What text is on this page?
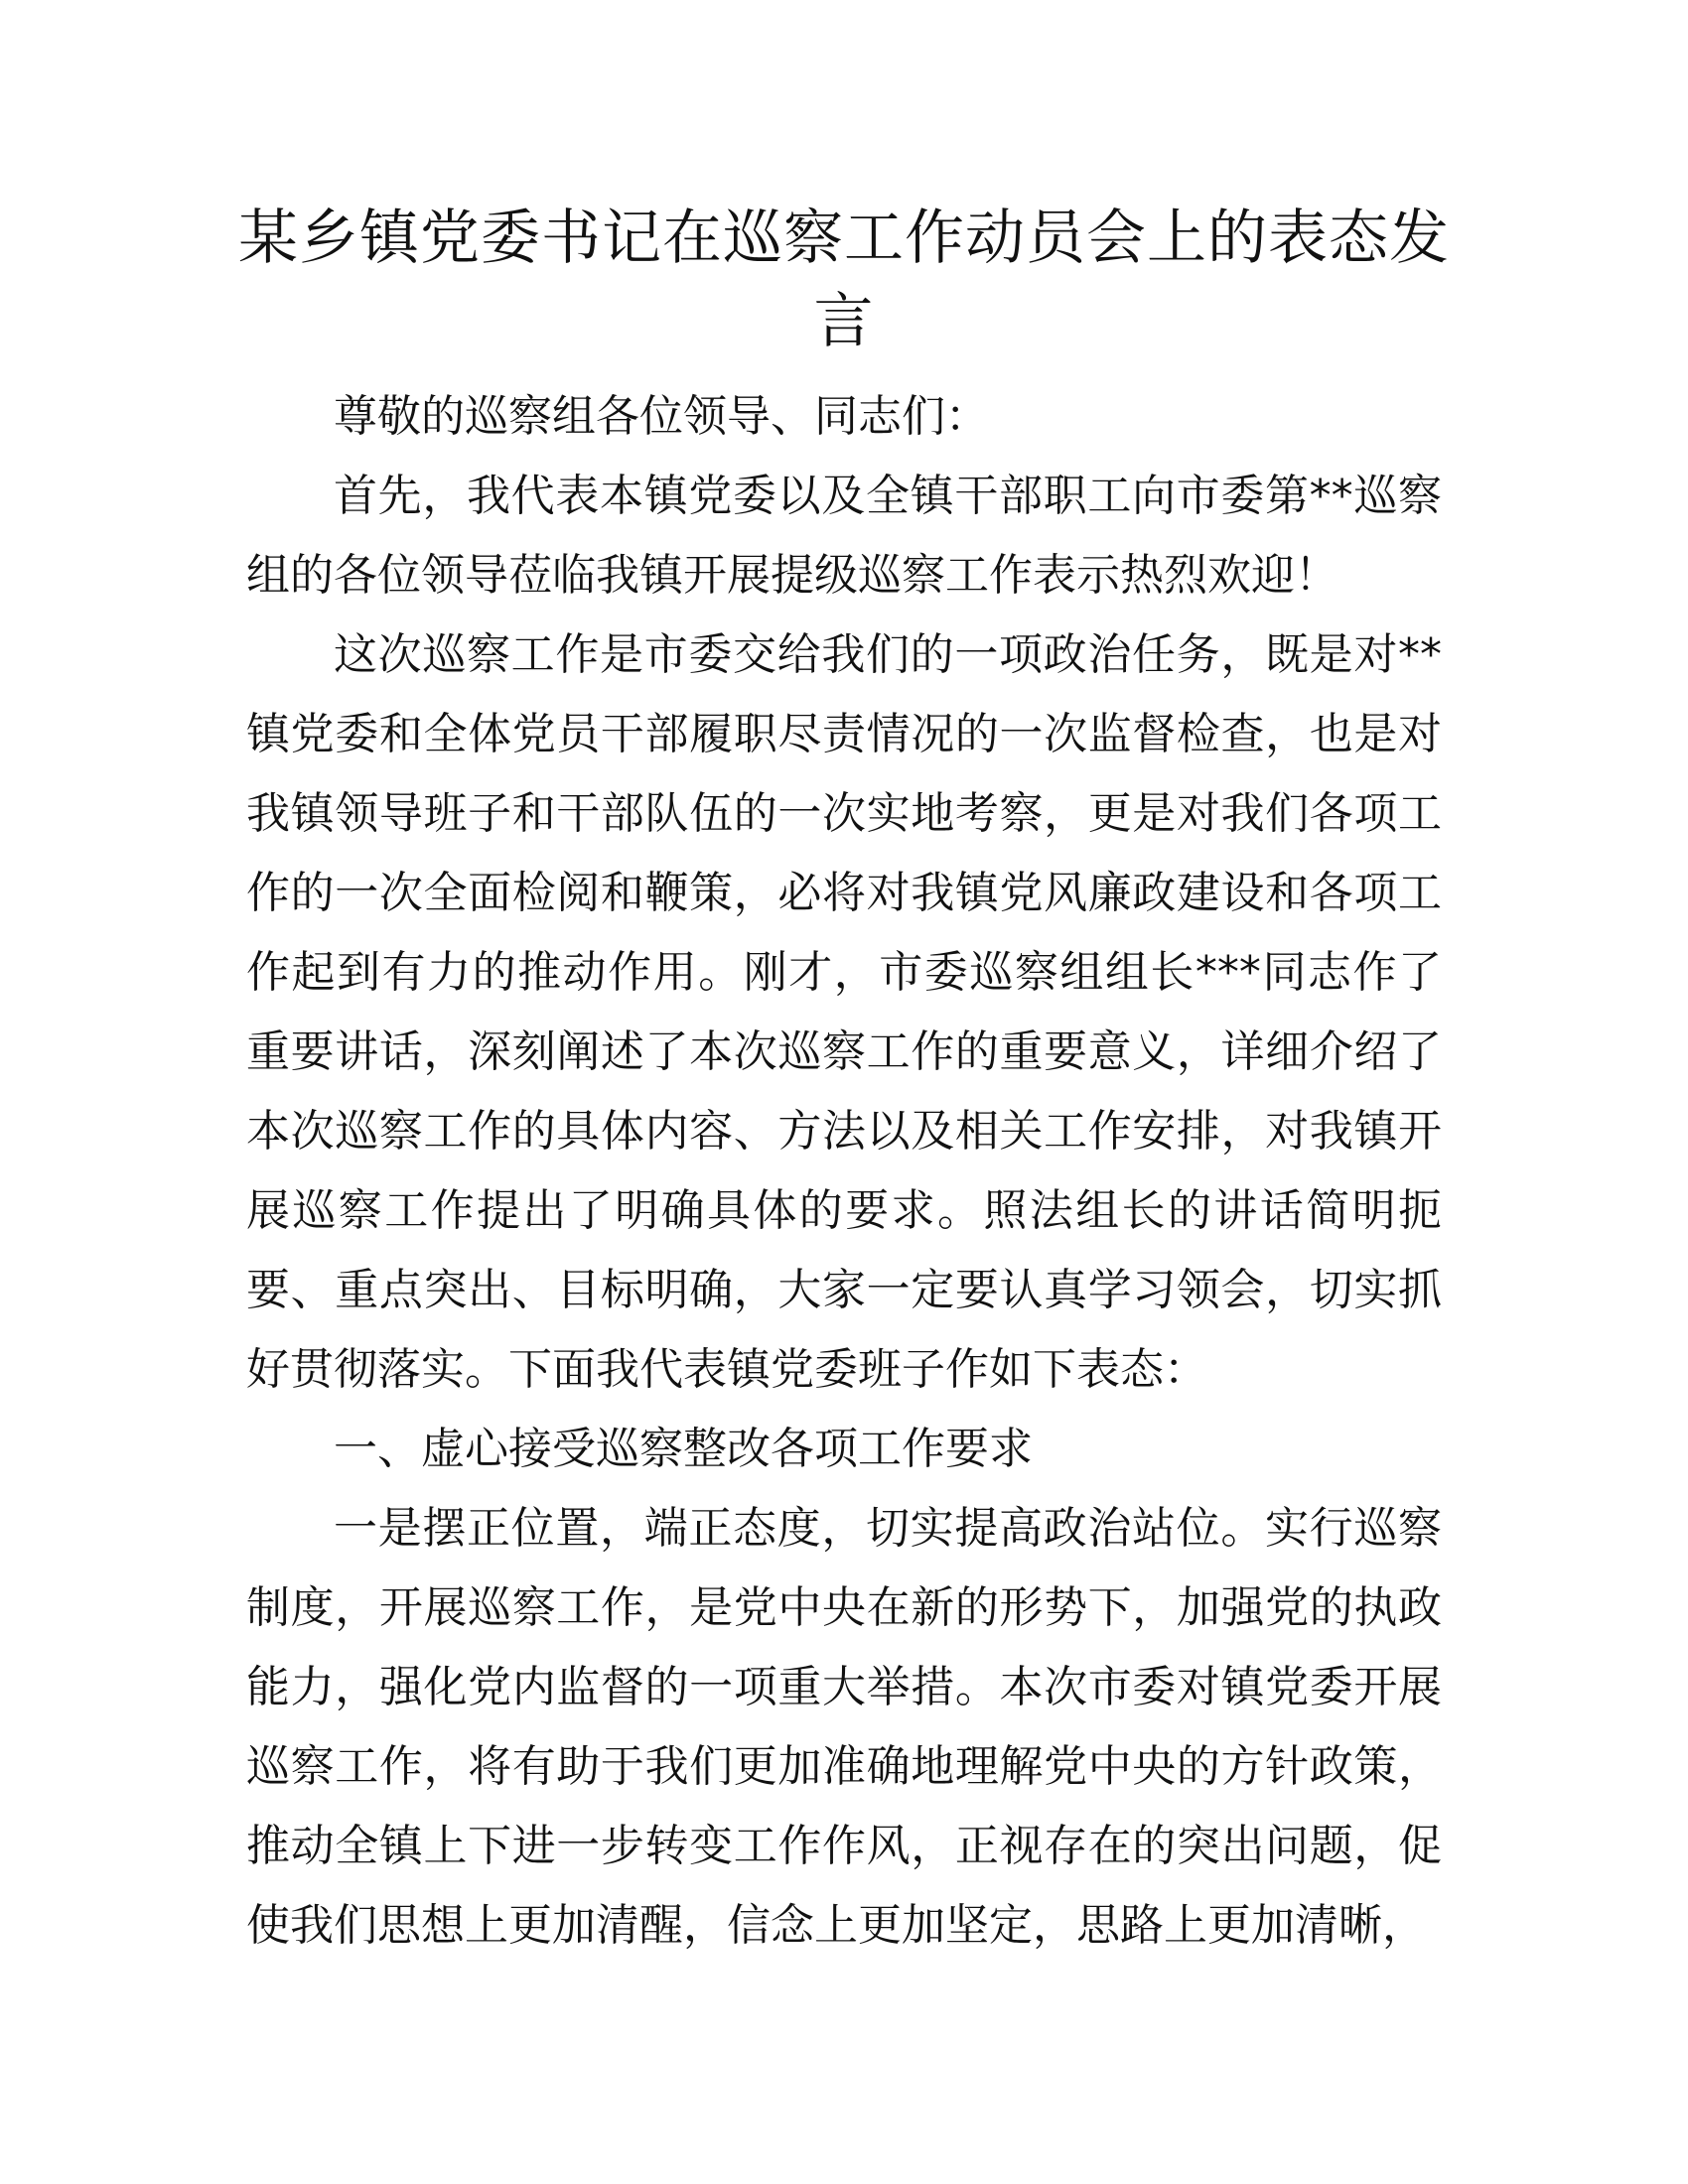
某乡镇党委书记在巡察工作动员会上的表态发言

尊敬的巡察组各位领导、同志们：

首先，我代表本镇党委以及全镇干部职工向市委第**巡察组的各位领导莅临我镇开展提级巡察工作表示热烈欢迎！

这次巡察工作是市委交给我们的一项政治任务，既是对**镇党委和全体党员干部履职尽责情况的一次监督检查，也是对我镇领导班子和干部队伍的一次实地考察，更是对我们各项工作的一次全面检阅和鞭策，必将对我镇党风廉政建设和各项工作起到有力的推动作用。刚才，市委巡察组组长***同志作了重要讲话，深刻阐述了本次巡察工作的重要意义，详细介绍了本次巡察工作的具体内容、方法以及相关工作安排，对我镇开展巡察工作提出了明确具体的要求。照法组长的讲话简明扼要、重点突出、目标明确，大家一定要认真学习领会，切实抓好贯彻落实。下面我代表镇党委班子作如下表态：

一、虚心接受巡察整改各项工作要求

一是摆正位置，端正态度，切实提高政治站位。实行巡察制度，开展巡察工作，是党中央在新的形势下，加强党的执政能力，强化党内监督的一项重大举措。本次市委对镇党委开展巡察工作，将有助于我们更加准确地理解党中央的方针政策，推动全镇上下进一步转变工作作风，正视存在的突出问题，促使我们思想上更加清醒，信念上更加坚定，思路上更加清晰，
